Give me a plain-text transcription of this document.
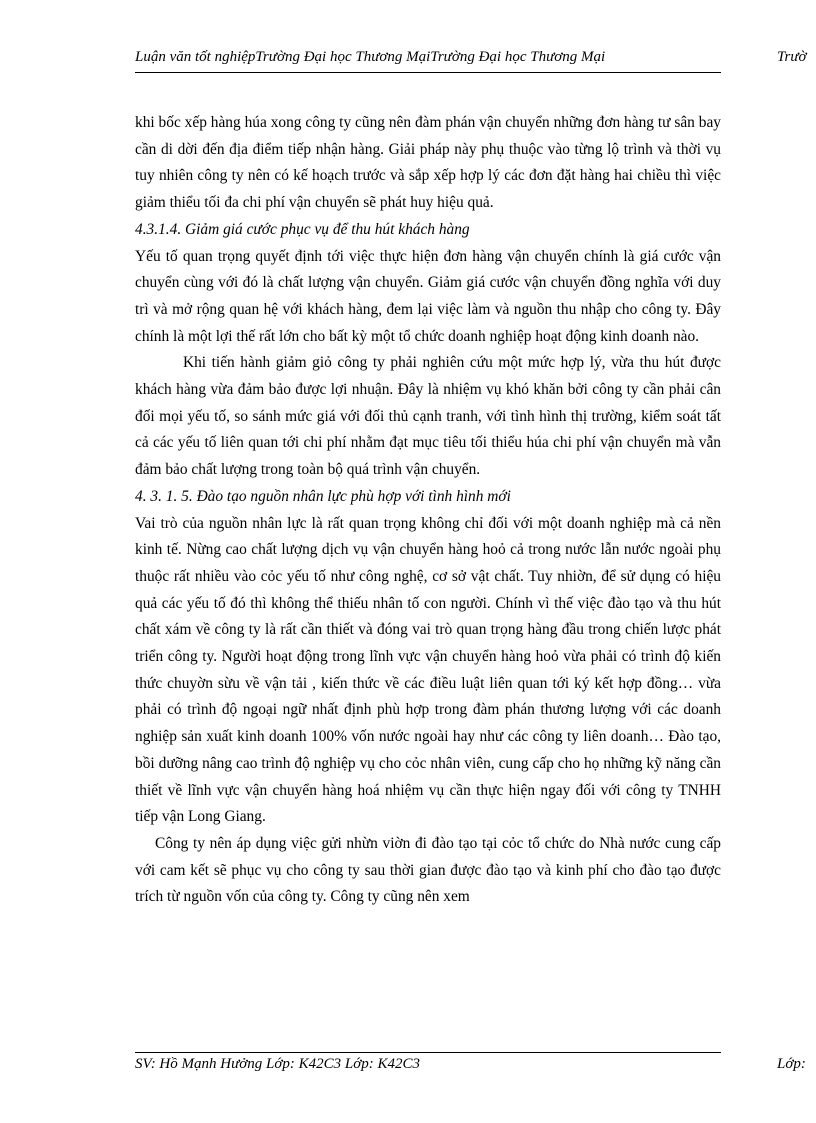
Luận văn tốt nghiệpTrường Đại học Thương MạiTrường Đại học Thương Mại	Trườ

khi bốc xếp hàng húa xong công ty cũng nên đàm phán vận chuyển những đơn hàng tư sân bay cần di dời đến địa điểm tiếp nhận hàng. Giải pháp này phụ thuộc vào từng lộ trình và thời vụ tuy nhiên công ty nên có kế hoạch trước và sắp xếp hợp lý các đơn đặt hàng hai chiều thì việc giảm thiểu tối đa chi phí vận chuyển sẽ phát huy hiệu quả.

4.3.1.4. Giảm giá cước phục vụ để thu hút khách hàng

Yếu tố quan trọng quyết định tới việc thực hiện đơn hàng vận chuyển chính là giá cước vận chuyển cùng với đó là chất lượng vận chuyển. Giảm giá cước vận chuyển đồng nghĩa với duy trì và mở rộng quan hệ với khách hàng, đem lại việc làm và nguồn thu nhập cho công ty. Đây chính là một lợi thế rất lớn cho bất kỳ một tổ chức doanh nghiệp hoạt động kinh doanh nào.

Khi tiến hành giảm giỏ công ty phải nghiên cứu một mức hợp lý, vừa thu hút được khách hàng vừa đảm bảo được lợi nhuận. Đây là nhiệm vụ khó khăn bởi công ty cần phải cân đối mọi yếu tố, so sánh mức giá với đối thủ cạnh tranh, với tình hình thị trường, kiểm soát tất cả các yếu tố liên quan tới chi phí nhằm đạt mục tiêu tối thiểu húa chi phí vận chuyển mà vẫn đảm bảo chất lượng trong toàn bộ quá trình vận chuyển.

4. 3. 1. 5. Đào tạo nguồn nhân lực phù hợp với tình hình mới

Vai trò của nguồn nhân lực là rất quan trọng không chỉ đối với một doanh nghiệp mà cả nền kinh tế. Nừng cao chất lượng dịch vụ vận chuyển hàng hoỏ cả trong nước lẫn nước ngoài phụ thuộc rất nhiều vào cỏc yếu tố như công nghệ, cơ sở vật chất. Tuy nhiờn, để sử dụng có hiệu quả các yếu tố đó thì không thể thiếu nhân tố con người. Chính vì thế việc đào tạo và thu hút chất xám về công ty là rất cần thiết và đóng vai trò quan trọng hàng đầu trong chiến lược phát triển công ty. Người hoạt động trong lĩnh vực vận chuyển hàng hoỏ vừa phải có trình độ kiến thức chuyờn sừu về vận tải , kiến thức về các điều luật liên quan tới ký kết hợp đồng… vừa phải có trình độ ngoại ngữ nhất định phù hợp trong đàm phán thương lượng với các doanh nghiệp sản xuất kinh doanh 100% vốn nước ngoài hay như các công ty liên doanh… Đào tạo, bồi dưỡng nâng cao trình độ nghiệp vụ cho cỏc nhân viên, cung cấp cho họ những kỹ năng cần thiết về lĩnh vực vận chuyển hàng hoá nhiệm vụ cần thực hiện ngay đối với công ty TNHH tiếp vận Long Giang.

Công ty nên áp dụng việc gửi nhừn viờn đi đào tạo tại cỏc tổ chức do Nhà nước cung cấp với cam kết sẽ phục vụ cho công ty sau thời gian được đào tạo và kinh phí cho đào tạo được trích từ nguồn vốn của công ty. Công ty cũng nên xem

SV: Hồ Mạnh Hưởng Lớp: K42C3 Lớp: K42C3	Lớp:
